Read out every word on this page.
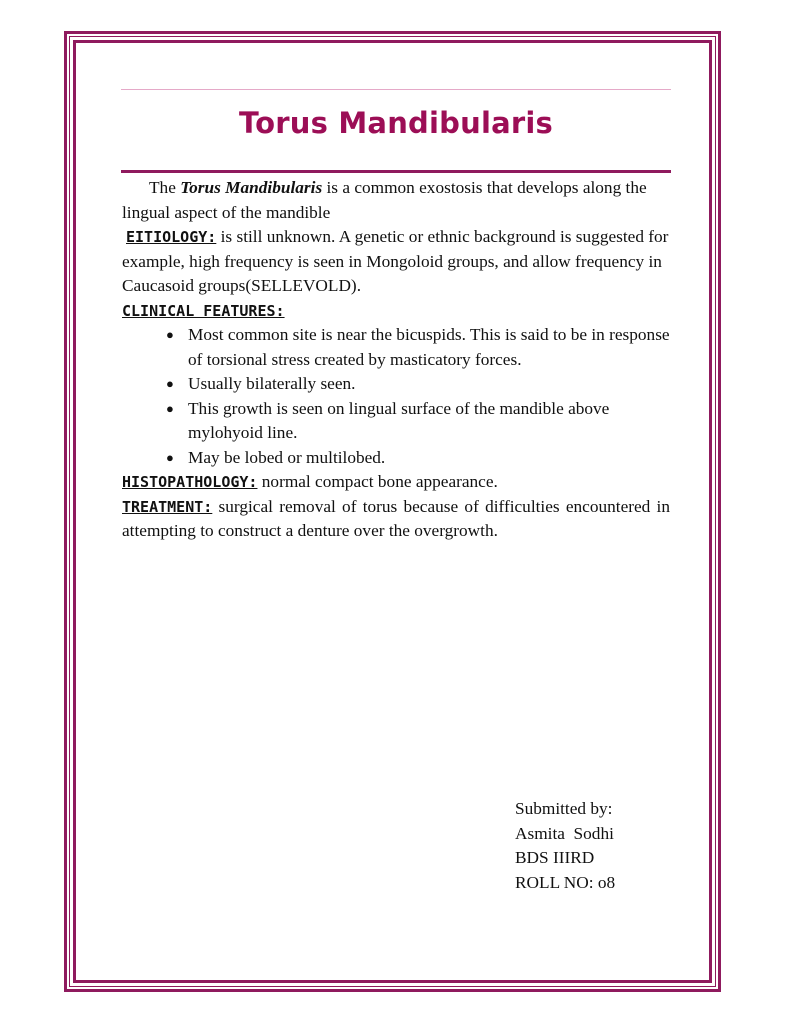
Torus Mandibularis

The Torus Mandibularis is a common exostosis that develops along the lingual aspect of the mandible

EITIOLOGY: is still unknown. A genetic or ethnic background is suggested for example, high frequency is seen in Mongoloid groups, and allow frequency in Caucasoid groups(SELLEVOLD).

CLINICAL FEATURES:

● Most common site is near the bicuspids. This is said to be in response of torsional stress created by masticatory forces.
● Usually bilaterally seen.
● This growth is seen on lingual surface of the mandible above mylohyoid line.
● May be lobed or multilobed.

HISTOPATHOLOGY: normal compact bone appearance.

TREATMENT: surgical removal of torus because of difficulties encountered in attempting to construct a denture over the overgrowth.

Submitted by:
Asmita  Sodhi
BDS IIIRD
ROLL NO: o8
